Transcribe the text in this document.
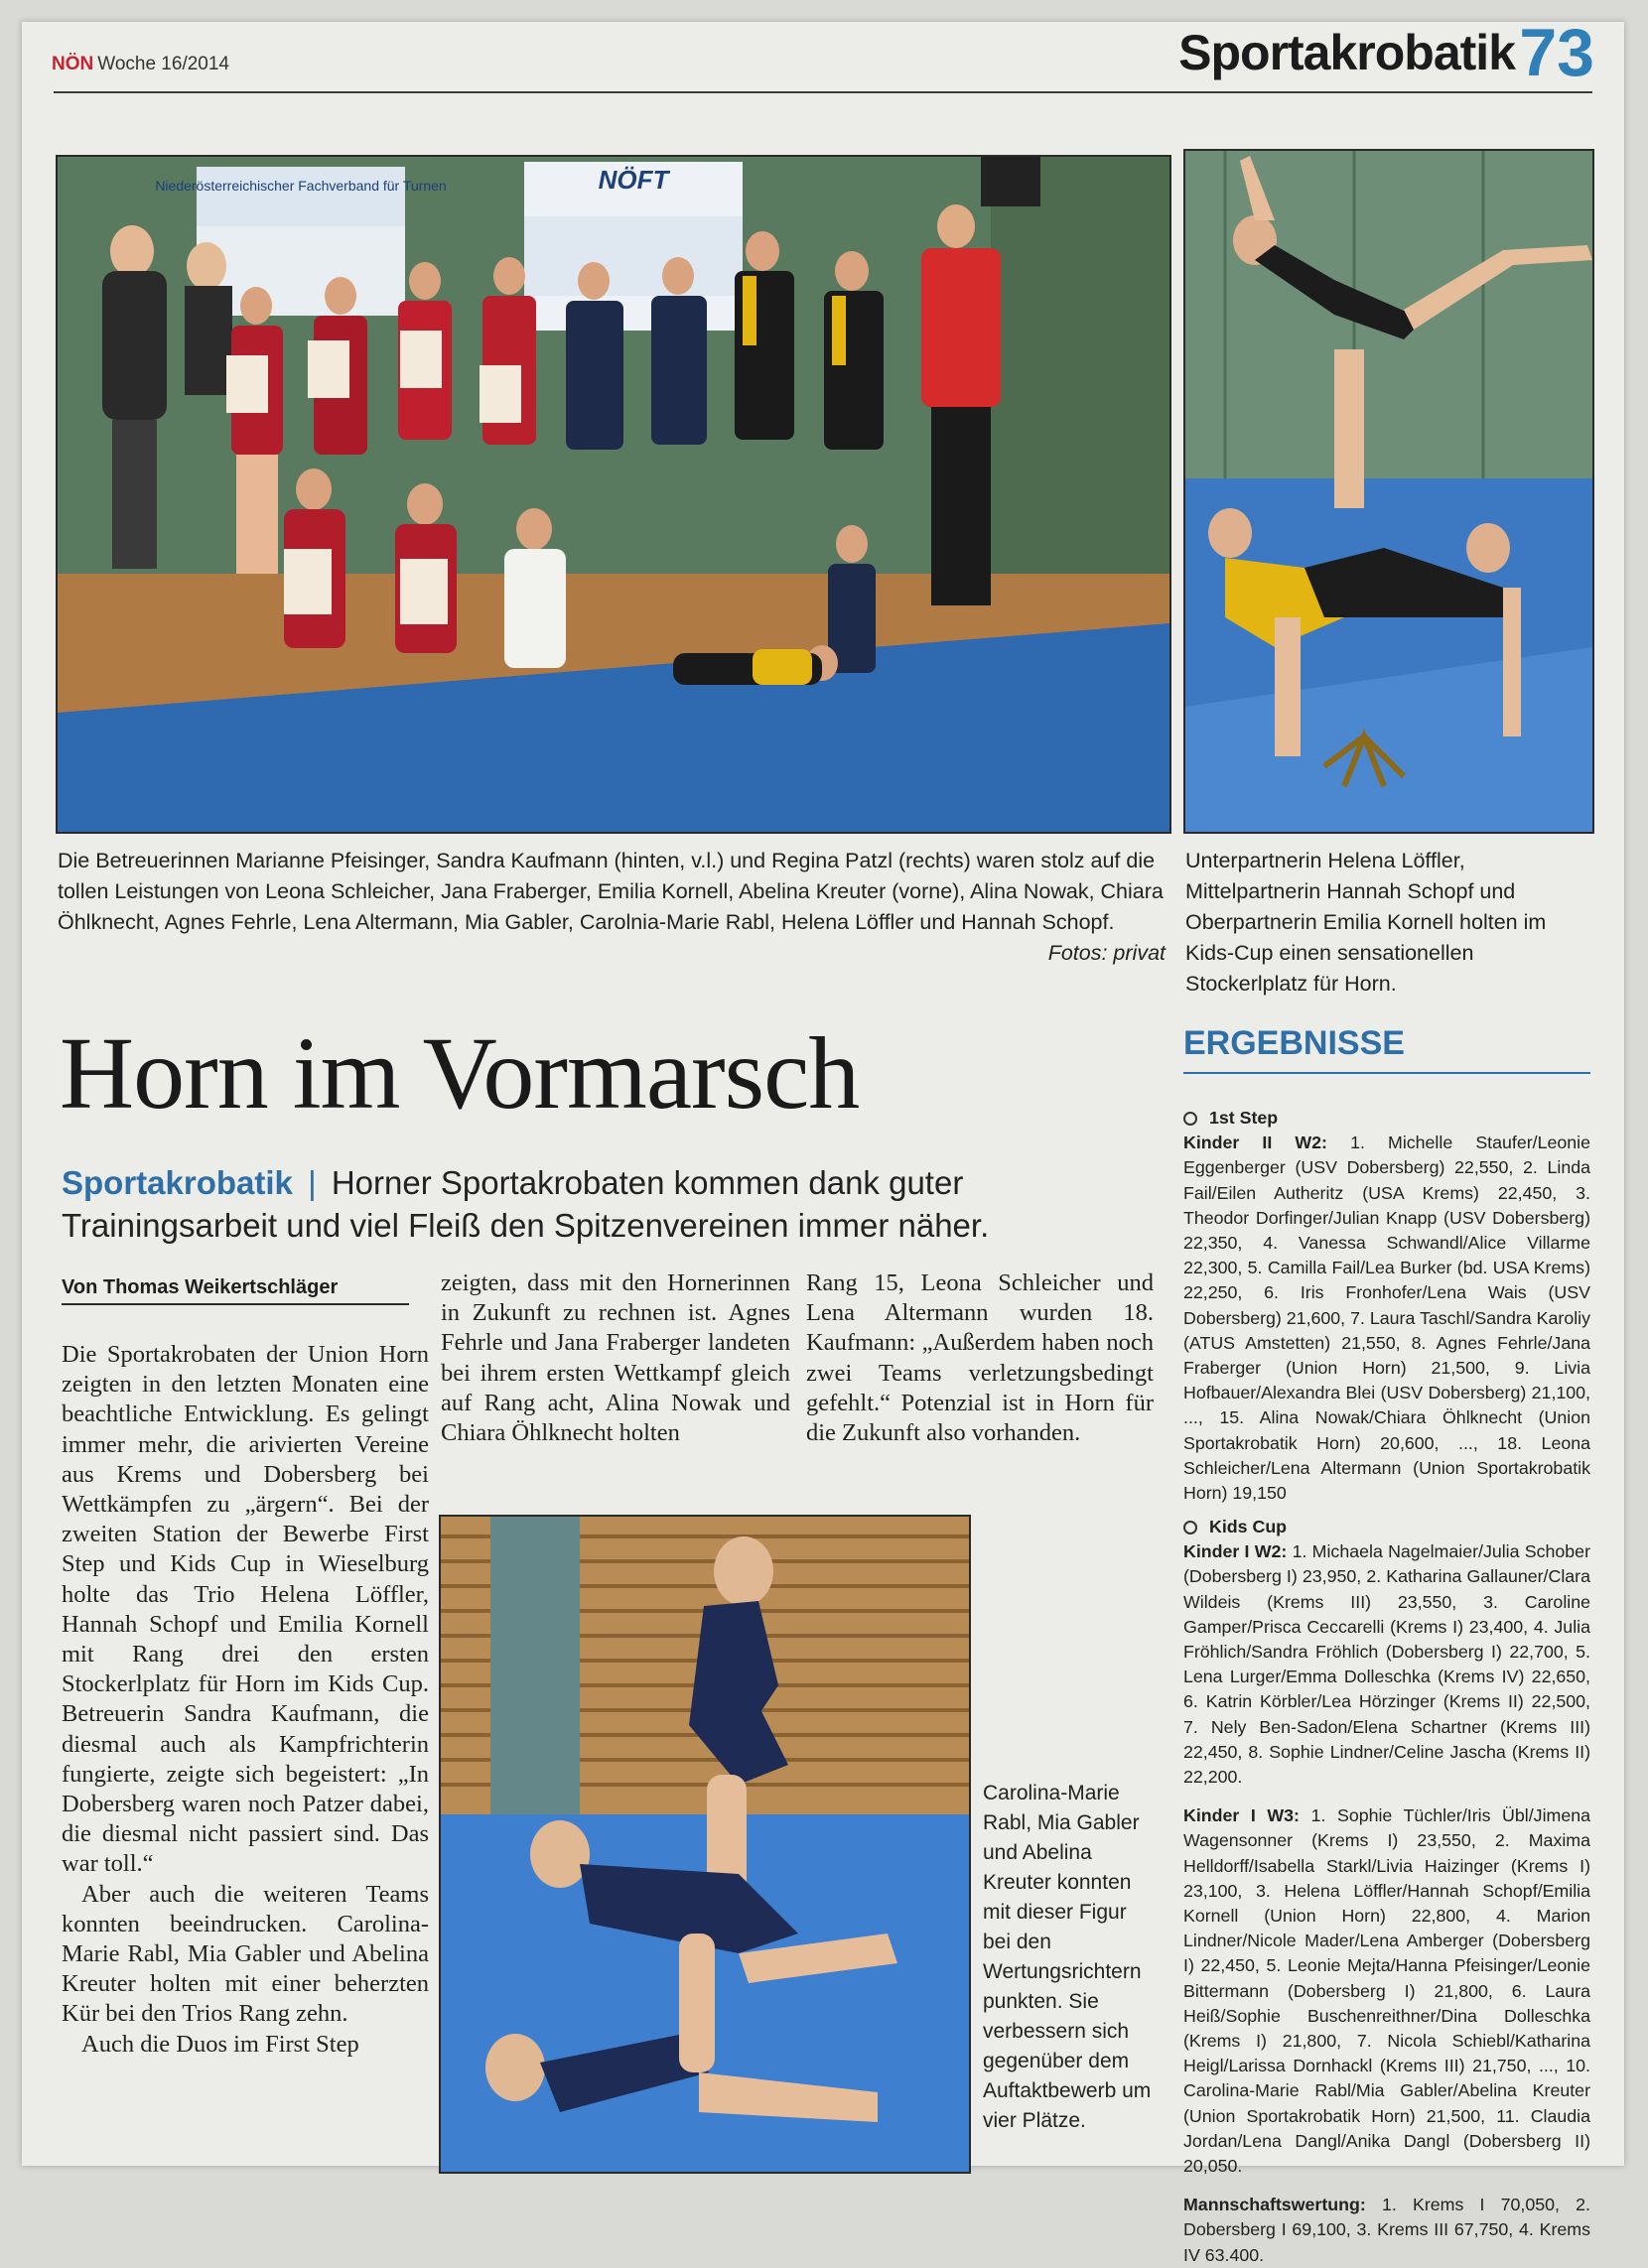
NÖN Woche 16/2014	Sportakrobatik 73
Niederösterreichischer Fachverband für Turnen	NÖFT
Die Betreuerinnen Marianne Pfeisinger, Sandra Kaufmann (hinten, v.l.) und Regina Patzl (rechts) waren stolz auf die tollen Leistungen von Leona Schleicher, Jana Fraberger, Emilia Kornell, Abelina Kreuter (vorne), Alina Nowak, Chiara Öhlknecht, Agnes Fehrle, Lena Altermann, Mia Gabler, Carolnia-Marie Rabl, Helena Löffler und Hannah Schopf.
Fotos: privat
Unterpartnerin Helena Löffler, Mittelpartnerin Hannah Schopf und Oberpartnerin Emilia Kornell holten im Kids-Cup einen sensationellen Stockerlplatz für Horn.
Horn im Vormarsch
Sportakrobatik | Horner Sportakrobaten kommen dank guter Trainingsarbeit und viel Fleiß den Spitzenvereinen immer näher.
Von Thomas Weikertschläger

Die Sportakrobaten der Union Horn zeigten in den letzten Monaten eine beachtliche Entwicklung. Es gelingt immer mehr, die arivierten Vereine aus Krems und Dobersberg bei Wettkämpfen zu „ärgern“. Bei der zweiten Station der Bewerbe First Step und Kids Cup in Wieselburg holte das Trio Helena Löffler, Hannah Schopf und Emilia Kornell mit Rang drei den ersten Stockerlplatz für Horn im Kids Cup. Betreuerin Sandra Kaufmann, die diesmal auch als Kampfrichterin fungierte, zeigte sich begeistert: „In Dobersberg waren noch Patzer dabei, die diesmal nicht passiert sind. Das war toll.“

Aber auch die weiteren Teams konnten beeindrucken. Carolina-Marie Rabl, Mia Gabler und Abelina Kreuter holten mit einer beherzten Kür bei den Trios Rang zehn.

Auch die Duos im First Step

zeigten, dass mit den Hornerinnen in Zukunft zu rechnen ist. Agnes Fehrle und Jana Fraberger landeten bei ihrem ersten Wettkampf gleich auf Rang acht, Alina Nowak und Chiara Öhlknecht holten

Rang 15, Leona Schleicher und Lena Altermann wurden 18. Kaufmann: „Außerdem haben noch zwei Teams verletzungsbedingt gefehlt.“ Potenzial ist in Horn für die Zukunft also vorhanden.

Carolina-Marie Rabl, Mia Gabler und Abelina Kreuter konnten mit dieser Figur bei den Wertungsrichtern punkten. Sie verbessern sich gegenüber dem Auftaktbewerb um vier Plätze.
ERGEBNISSE
1st Step

Kinder II W2: 1. Michelle Staufer/Leonie Eggenberger (USV Dobersberg) 22,550, 2. Linda Fail/Eilen Autheritz (USA Krems) 22,450, 3. Theodor Dorfinger/Julian Knapp (USV Dobersberg) 22,350, 4. Vanessa Schwandl/Alice Villarme 22,300, 5. Camilla Fail/Lea Burker (bd. USA Krems) 22,250, 6. Iris Fronhofer/Lena Wais (USV Dobersberg) 21,600, 7. Laura Taschl/Sandra Karoliy (ATUS Amstetten) 21,550, 8. Agnes Fehrle/Jana Fraberger (Union Horn) 21,500, 9. Livia Hofbauer/Alexandra Blei (USV Dobersberg) 21,100, ..., 15. Alina Nowak/Chiara Öhlknecht (Union Sportakrobatik Horn) 20,600, ..., 18. Leona Schleicher/Lena Altermann (Union Sportakrobatik Horn) 19,150

Kids Cup

Kinder I W2: 1. Michaela Nagelmaier/Julia Schober (Dobersberg I) 23,950, 2. Katharina Gallauner/Clara Wildeis (Krems III) 23,550, 3. Caroline Gamper/Prisca Ceccarelli (Krems I) 23,400, 4. Julia Fröhlich/Sandra Fröhlich (Dobersberg I) 22,700, 5. Lena Lurger/Emma Dolleschka (Krems IV) 22,650, 6. Katrin Körbler/Lea Hörzinger (Krems II) 22,500, 7. Nely Ben-Sadon/Elena Schartner (Krems III) 22,450, 8. Sophie Lindner/Celine Jascha (Krems II) 22,200.

Kinder I W3: 1. Sophie Tüchler/Iris Übl/Jimena Wagensonner (Krems I) 23,550, 2. Maxima Helldorff/Isabella Starkl/Livia Haizinger (Krems I) 23,100, 3. Helena Löffler/Hannah Schopf/Emilia Kornell (Union Horn) 22,800, 4. Marion Lindner/Nicole Mader/Lena Amberger (Dobersberg I) 22,450, 5. Leonie Mejta/Hanna Pfeisinger/Leonie Bittermann (Dobersberg I) 21,800, 6. Laura Heiß/Sophie Buschenreithner/Dina Dolleschka (Krems I) 21,800, 7. Nicola Schiebl/Katharina Heigl/Larissa Dornhackl (Krems III) 21,750, ..., 10. Carolina-Marie Rabl/Mia Gabler/Abelina Kreuter (Union Sportakrobatik Horn) 21,500, 11. Claudia Jordan/Lena Dangl/Anika Dangl (Dobersberg II) 20,050.

Mannschaftswertung: 1. Krems I 70,050, 2. Dobersberg I 69,100, 3. Krems III 67,750, 4. Krems IV 63.400.
